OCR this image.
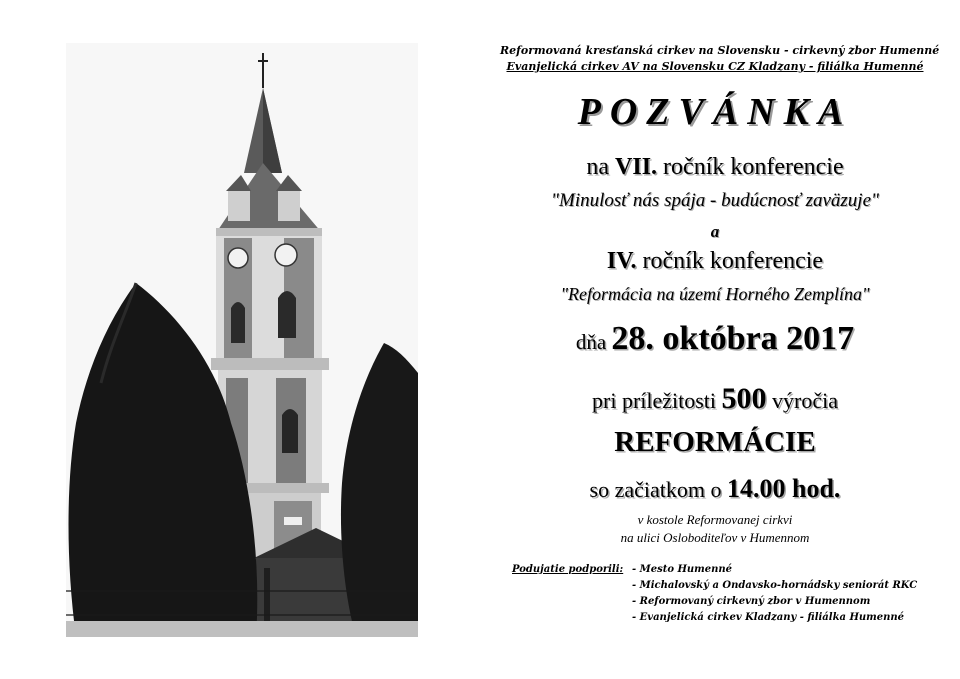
Reformovaná kresťanská cirkev na Slovensku - cirkevný zbor Humenné
Evanjelická cirkev AV na Slovensku CZ Kladzany - filiálka Humenné
POZVÁNKA
na VII. ročník konferencie
"Minulosť nás spája - budúcnosť zaväzuje"
a
IV. ročník konferencie
"Reformácia na území Horného Zemplína"
dňa 28. októbra 2017
pri príležitosti 500 výročia
REFORMÁCIE
so začiatkom o 14.00 hod.
v kostole Reformovanej cirkvi
na ulici Osloboditeľov v Humennom
Podujatie podporili: - Mesto Humenné
- Michalovský a Ondavsko-hornádsky seniorát RKC
- Reformovaný cirkevný zbor v Humennom
- Evanjelická cirkev Kladzany - filiálka Humenné
